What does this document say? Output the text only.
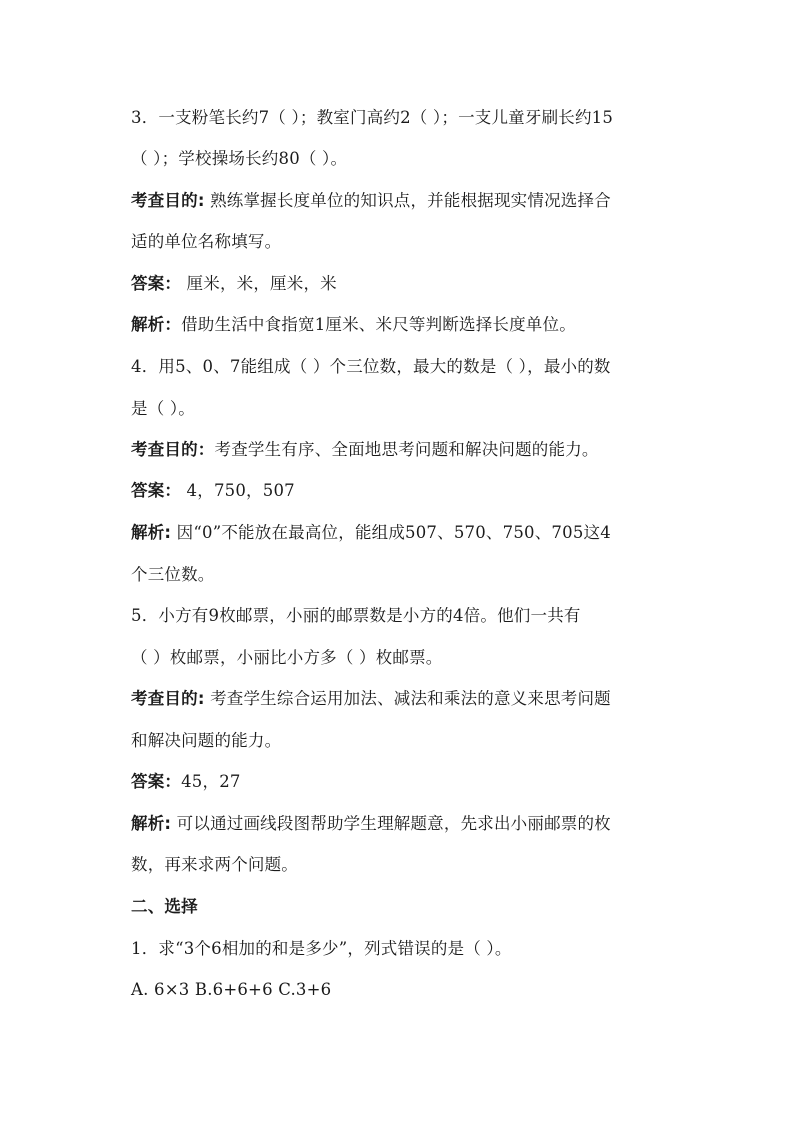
3．一支粉笔长约7（ ）；教室门高约2（ ）；一支儿童牙刷长约15
（ ）；学校操场长约80（ ）。
考查目的: 熟练掌握长度单位的知识点，并能根据现实情况选择合
适的单位名称填写。
答案： 厘米，米，厘米，米
解析：借助生活中食指宽1厘米、米尺等判断选择长度单位。
4．用5、0、7能组成（ ）个三位数，最大的数是（ ），最小的数
是（ ）。
考查目的：考查学生有序、全面地思考问题和解决问题的能力。
答案： 4，750，507
解析: 因“0”不能放在最高位，能组成507、570、750、705这4
个三位数。
5．小方有9枚邮票，小丽的邮票数是小方的4倍。他们一共有
（ ）枚邮票，小丽比小方多（ ）枚邮票。
考查目的: 考查学生综合运用加法、减法和乘法的意义来思考问题
和解决问题的能力。
答案：45，27
解析: 可以通过画线段图帮助学生理解题意，先求出小丽邮票的枚
数，再来求两个问题。
二、选择
1．求“3个6相加的和是多少”，列式错误的是（ ）。
A. 6×3 B.6+6+6 C.3+6
